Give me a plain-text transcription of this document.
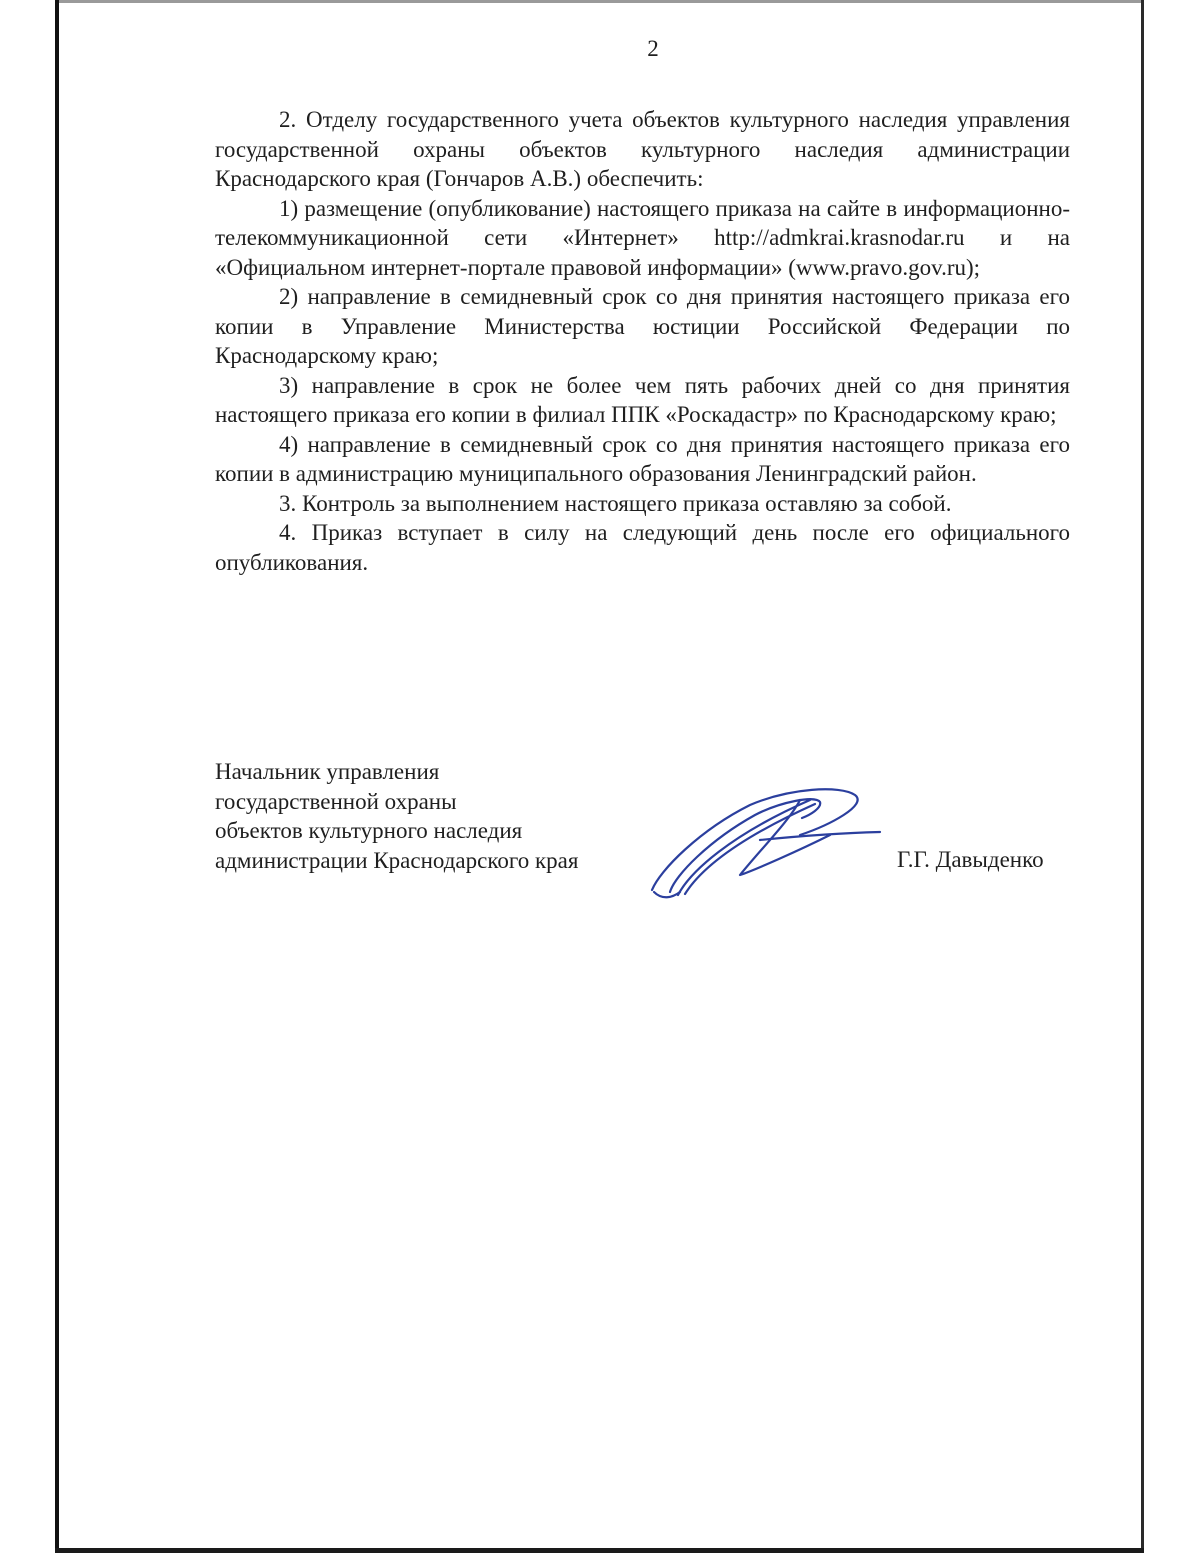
2

2. Отделу государственного учета объектов культурного наследия управления государственной охраны объектов культурного наследия администрации Краснодарского края (Гончаров А.В.) обеспечить:

1) размещение (опубликование) настоящего приказа на сайте в информационно-телекоммуникационной сети «Интернет» http://admkrai.krasnodar.ru и на «Официальном интернет-портале правовой информации» (www.pravo.gov.ru);

2) направление в семидневный срок со дня принятия настоящего приказа его копии в Управление Министерства юстиции Российской Федерации по Краснодарскому краю;

3) направление в срок не более чем пять рабочих дней со дня принятия настоящего приказа его копии в филиал ППК «Роскадастр» по Краснодарскому краю;

4) направление в семидневный срок со дня принятия настоящего приказа его копии в администрацию муниципального образования Ленинградский район.

3. Контроль за выполнением настоящего приказа оставляю за собой.

4. Приказ вступает в силу на следующий день после его официального опубликования.

Начальник управления
государственной охраны
объектов культурного наследия
администрации Краснодарского края	Г.Г. Давыденко
